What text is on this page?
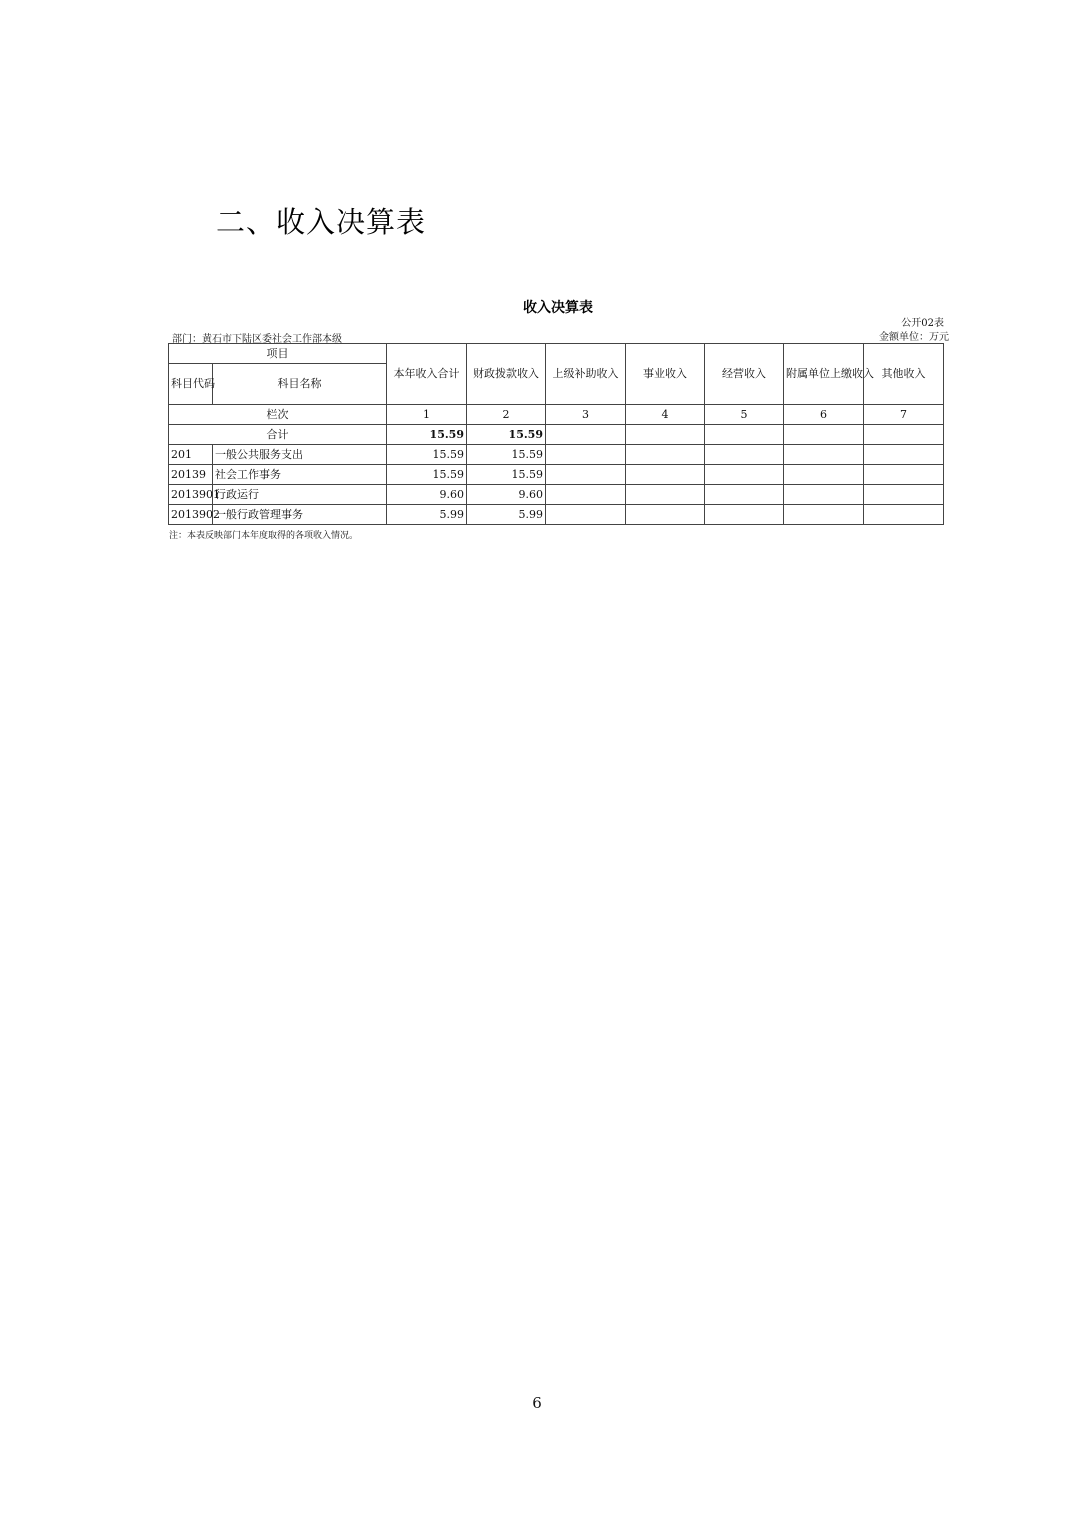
二、收入决算表
收入决算表
公开02表
金额单位：万元
部门：黄石市下陆区委社会工作部本级
项目		本年收入合计	财政拨款收入	上级补助收入	事业收入	经营收入	附属单位上缴收入	其他收入
科目代码	科目名称							
栏次		1	2	3	4	5	6	7
合计		15.59	15.59					
201	一般公共服务支出	15.59	15.59					
20139	社会工作事务	15.59	15.59					
2013901	行政运行	9.60	9.60					
2013902	一般行政管理事务	5.99	5.99					
注：本表反映部门本年度取得的各项收入情况。
6
